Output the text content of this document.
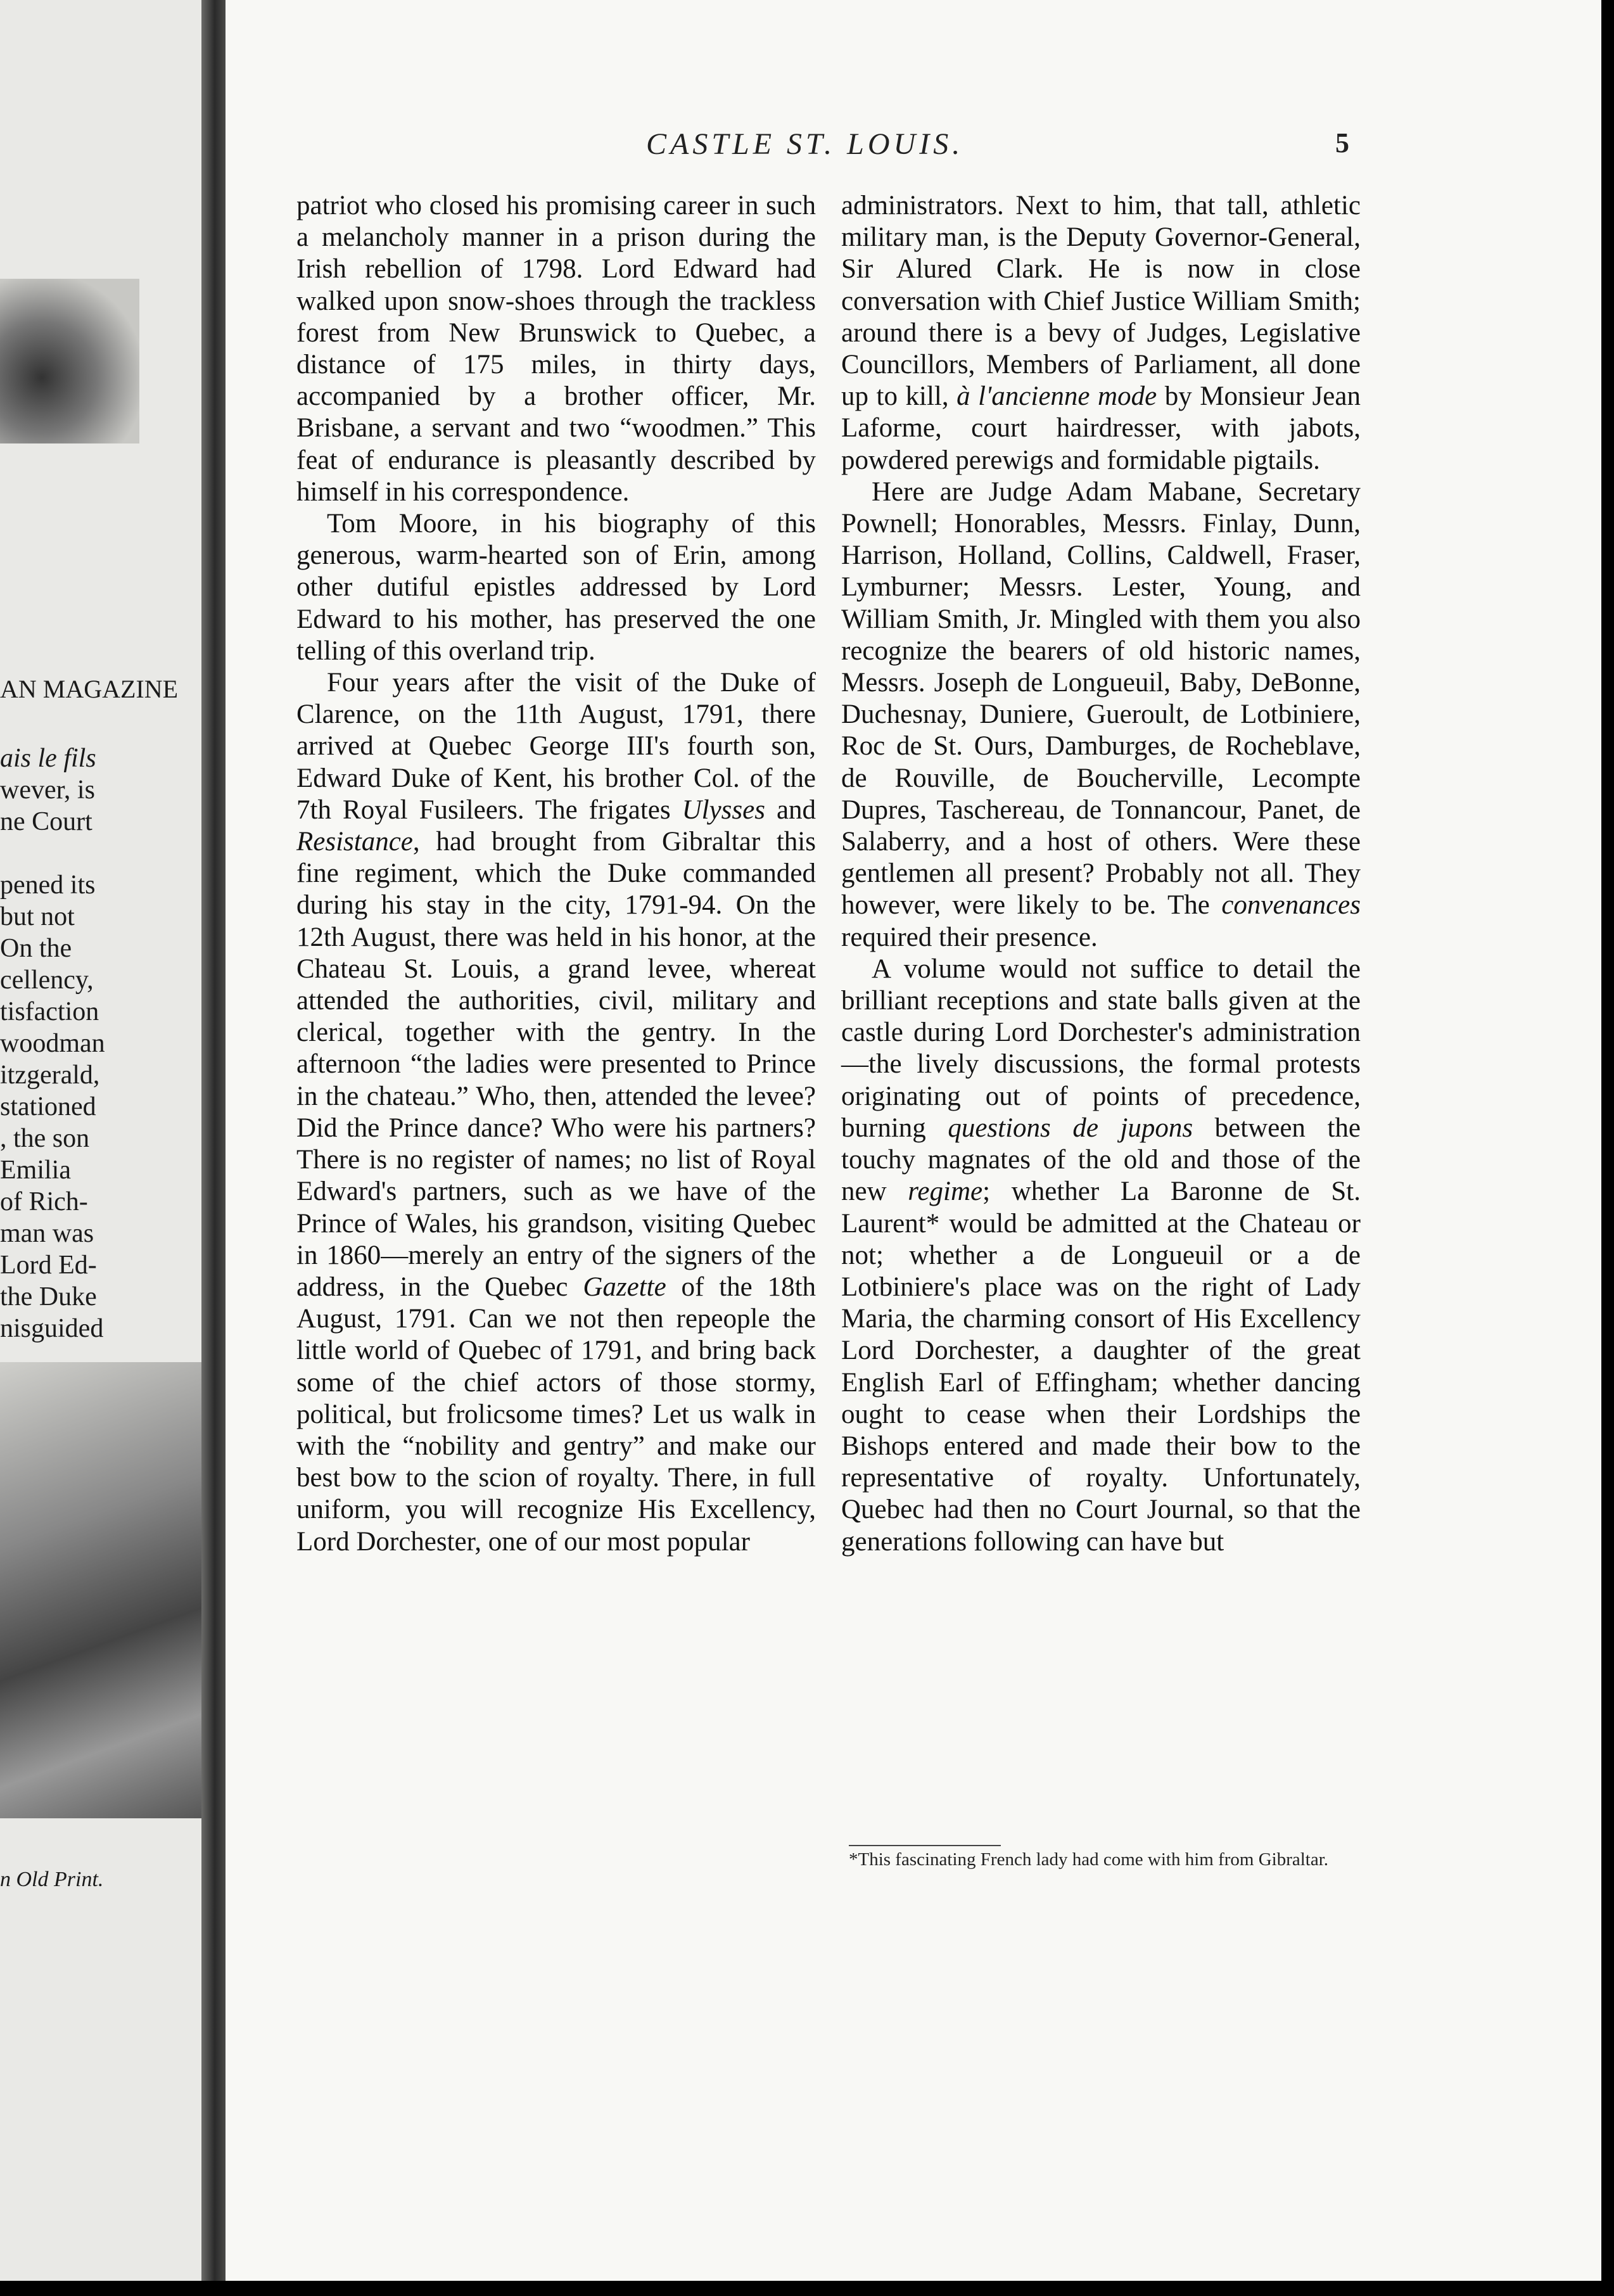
AN MAGAZINE
ais le fils
wever, is
ne Court

pened its
but not
On the
cellency,
tisfaction
woodman
itzgerald,
stationed
, the son
Emilia
of Rich-
man was
Lord Ed-
the Duke
nisguided
n Old Print.
CASTLE ST. LOUIS.	5

patriot who closed his promising career in such a melancholy manner in a prison during the Irish rebellion of 1798. Lord Edward had walked upon snow-shoes through the trackless forest from New Brunswick to Quebec, a distance of 175 miles, in thirty days, accompanied by a brother officer, Mr. Brisbane, a servant and two “woodmen.” This feat of endurance is pleasantly described by himself in his correspondence.

Tom Moore, in his biography of this generous, warm-hearted son of Erin, among other dutiful epistles addressed by Lord Edward to his mother, has preserved the one telling of this overland trip.

Four years after the visit of the Duke of Clarence, on the 11th August, 1791, there arrived at Quebec George III's fourth son, Edward Duke of Kent, his brother Col. of the 7th Royal Fusileers. The frigates Ulysses and Resistance, had brought from Gibraltar this fine regiment, which the Duke commanded during his stay in the city, 1791-94. On the 12th August, there was held in his honor, at the Chateau St. Louis, a grand levee, whereat attended the authorities, civil, military and clerical, together with the gentry. In the afternoon “the ladies were presented to Prince in the chateau.” Who, then, attended the levee? Did the Prince dance? Who were his partners? There is no register of names; no list of Royal Edward's partners, such as we have of the Prince of Wales, his grandson, visiting Quebec in 1860—merely an entry of the signers of the address, in the Quebec Gazette of the 18th August, 1791. Can we not then repeople the little world of Quebec of 1791, and bring back some of the chief actors of those stormy, political, but frolicsome times? Let us walk in with the “nobility and gentry” and make our best bow to the scion of royalty. There, in full uniform, you will recognize His Excellency, Lord Dorchester, one of our most popular

administrators. Next to him, that tall, athletic military man, is the Deputy Governor-General, Sir Alured Clark. He is now in close conversation with Chief Justice William Smith; around there is a bevy of Judges, Legislative Councillors, Members of Parliament, all done up to kill, à l'ancienne mode by Monsieur Jean Laforme, court hairdresser, with jabots, powdered perewigs and formidable pigtails.

Here are Judge Adam Mabane, Secretary Pownell; Honorables, Messrs. Finlay, Dunn, Harrison, Holland, Collins, Caldwell, Fraser, Lymburner; Messrs. Lester, Young, and William Smith, Jr. Mingled with them you also recognize the bearers of old historic names, Messrs. Joseph de Longueuil, Baby, DeBonne, Duchesnay, Duniere, Gueroult, de Lotbiniere, Roc de St. Ours, Damburges, de Rocheblave, de Rouville, de Boucherville, Lecompte Dupres, Taschereau, de Tonnancour, Panet, de Salaberry, and a host of others. Were these gentlemen all present? Probably not all. They however, were likely to be. The convenances required their presence.

A volume would not suffice to detail the brilliant receptions and state balls given at the castle during Lord Dorchester's administration—the lively discussions, the formal protests originating out of points of precedence, burning questions de jupons between the touchy magnates of the old and those of the new regime; whether La Baronne de St. Laurent* would be admitted at the Chateau or not; whether a de Longueuil or a de Lotbiniere's place was on the right of Lady Maria, the charming consort of His Excellency Lord Dorchester, a daughter of the great English Earl of Effingham; whether dancing ought to cease when their Lordships the Bishops entered and made their bow to the representative of royalty. Unfortunately, Quebec had then no Court Journal, so that the generations following can have but

*This fascinating French lady had come with him from Gibraltar.
